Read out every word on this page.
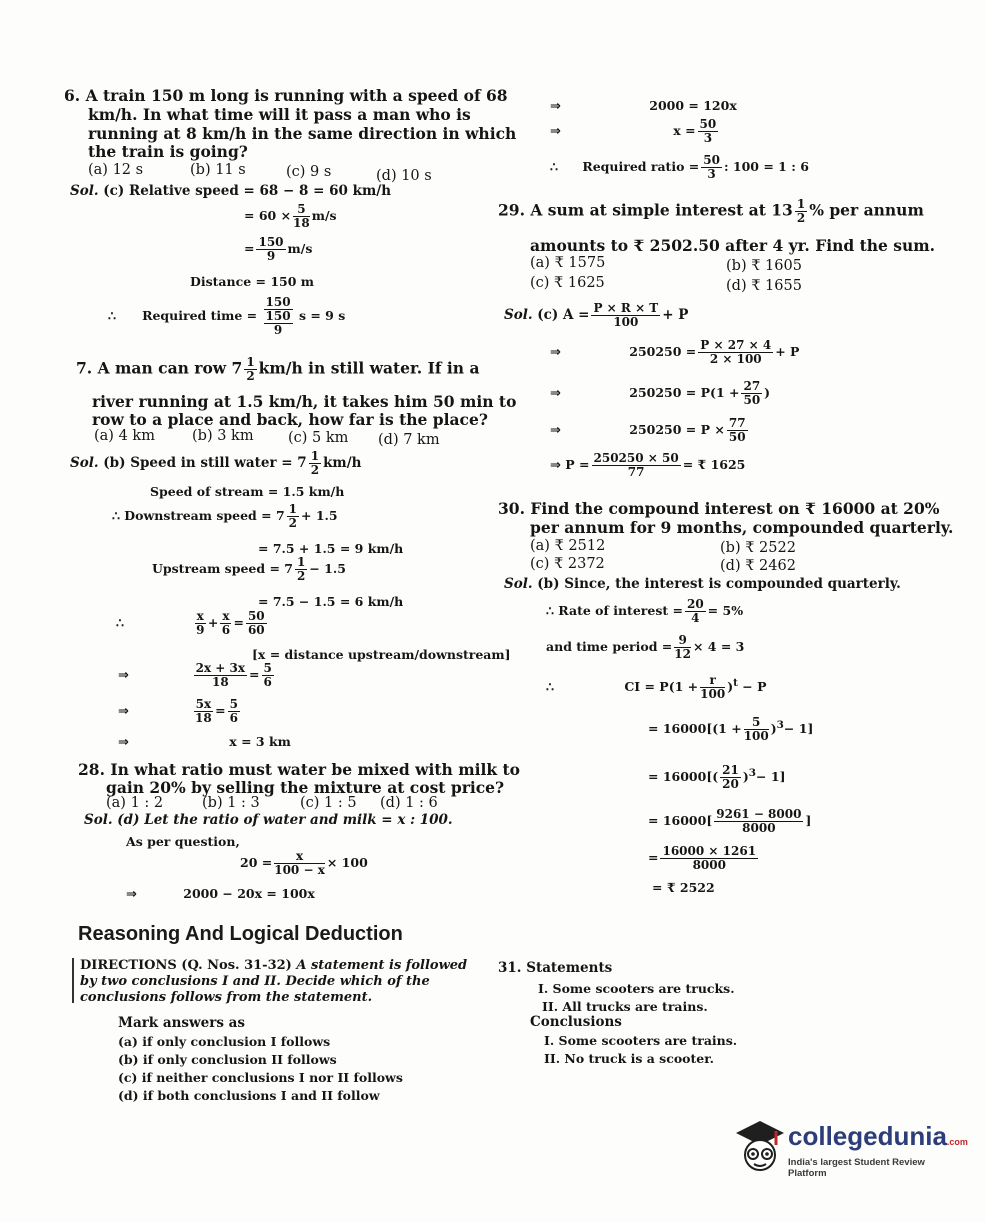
6. A train 150 m long is running with a speed of 68
km/h. In what time will it pass a man who is
running at 8 km/h in the same direction in which
the train is going?
(a) 12 s	(b) 11 s	(c) 9 s	(d) 10 s
Sol. (c) Relative speed = 68 − 8 = 60 km/h
= $60 \times \frac{5}{18} m/s$
= $\frac{150}{9} m/s$
Distance = 150 m
∴ Required time = 150
150
9 s = 9 s
7. A man can row $7 \frac{1}{2} km/h$ in still water. If in a
river running at 1.5 km/h, it takes him 50 min to
row to a place and back, how far is the place?
(a) 4 km	(b) 3 km (c) 5 km (d) 7 km
Sol. (b) Speed in still water = $7 \frac{1}{2} km/h$
Speed of stream = 1.5 km/h
∴ Downstream speed = $7 \frac{1}{2} + 1.5$
= 7.5 + 1.5 = 9 km/h
Upstream speed = $7 \frac{1}{2} - 1.5$
= 7.5 − 1.5 = 6 km/h
∴	$\frac{x}{9} + \frac{x}{6} = \frac{50}{60}$
[x = distance upstream/downstream]
⇒	$\frac{2x + 3x}{18} = \frac{5}{6}$
⇒	$\frac{5x}{18} = \frac{5}{6}$
⇒	x = 3 km
28. In what ratio must water be mixed with milk to
gain 20% by selling the mixture at cost price?
(a) 1 : 2	(b) 1 : 3	(c) 1 : 5 (d) 1 : 6
Sol. (d) Let the ratio of water and milk = x : 100.
As per question,
$20 = \frac{x}{100 - x} \times 100$
⇒	2000 − 20x = 100x
Reasoning And Logical Deduction
DIRECTIONS (Q. Nos. 31-32) A statement is followed by two conclusions I and II. Decide which of the conclusions follows from the statement.
Mark answers as
(a) if only conclusion I follows
(b) if only conclusion II follows
(c) if neither conclusions I nor II follows
(d) if both conclusions I and II follow
⇒	2000 = 120x
⇒	$x = \frac{50}{3}$
∴ Required ratio = $\frac{50}{3}$ : 100 = 1 : 6
29. A sum at simple interest at $13 \frac{1}{2}$ % per annum
amounts to ₹ 2502.50 after 4 yr. Find the sum.
(a) ₹ 1575	(b) ₹ 1605
(c) ₹ 1625	(d) ₹ 1655
Sol. (c) $A = \frac{P \times R \times T}{100} + P$
⇒	$250250 = \frac{P \times 27 \times 4}{2 \times 100} + P$
⇒	$250250 = P(1 + \frac{27}{50}$ )
⇒	$250250 = P \times \frac{77}{50}$
⇒ $P = \frac{250250 \times 50}{77}$ = ₹ 1625
30. Find the compound interest on ₹ 16000 at 20%
per annum for 9 months, compounded quarterly.
(a) ₹ 2512	(b) ₹ 2522
(c) ₹ 2372	(d) ₹ 2462
Sol. (b) Since, the interest is compounded quarterly.
∴ Rate of interest = $\frac{20}{4} = 5\%$
and time period = $\frac{9}{12} \times 4 = 3$
∴	CI = $P(1 + \frac{r}{100} )^t - P$
= $16000[(1 + \frac{5}{100} )^3- 1]$
= $16000[( \frac{21}{20} )^3- 1]$
= $16000[ \frac{9261 - 8000}{8000}$ ]
= $\frac{16000 \times 1261}{8000}$
= ₹ 2522
31. Statements
I. Some scooters are trucks.
II. All trucks are trains.
Conclusions
I. Some scooters are trains.
II. No truck is a scooter.
collegedunia.com
India's largest Student Review Platform
